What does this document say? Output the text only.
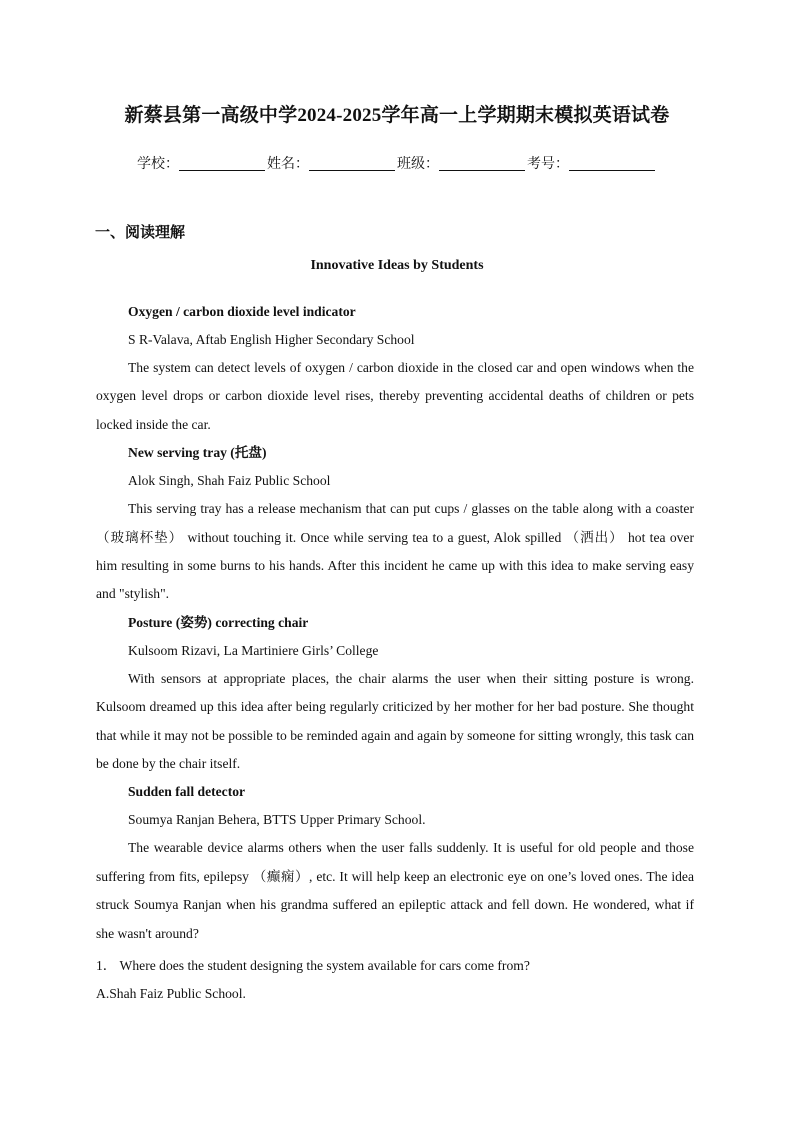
新蔡县第一高级中学2024-2025学年高一上学期期末模拟英语试卷
学校：	姓名：	班级：	考号：
一、阅读理解
Innovative Ideas by Students

Oxygen / carbon dioxide level indicator

S R-Valava, Aftab English Higher Secondary School

The system can detect levels of oxygen / carbon dioxide in the closed car and open windows when the oxygen level drops or carbon dioxide level rises, thereby preventing accidental deaths of children or pets locked inside the car.

New serving tray (托盘)

Alok Singh, Shah Faiz Public School

This serving tray has a release mechanism that can put cups / glasses on the table along with a coaster （玻璃杯垫） without touching it. Once while serving tea to a guest, Alok spilled （洒出） hot tea over him resulting in some burns to his hands. After this incident he came up with this idea to make serving easy and "stylish".

Posture (姿势) correcting chair

Kulsoom Rizavi, La Martiniere Girls’ College

With sensors at appropriate places, the chair alarms the user when their sitting posture is wrong. Kulsoom dreamed up this idea after being regularly criticized by her mother for her bad posture. She thought that while it may not be possible to be reminded again and again by someone for sitting wrongly, this task can be done by the chair itself.

Sudden fall detector

Soumya Ranjan Behera, BTTS Upper Primary School.

The wearable device alarms others when the user falls suddenly. It is useful for old people and those suffering from fits, epilepsy （癫痫）, etc. It will help keep an electronic eye on one’s loved ones. The idea struck Soumya Ranjan when his grandma suffered an epileptic attack and fell down. He wondered, what if she wasn't around?

1． Where does the student designing the system available for cars come from?

A.Shah Faiz Public School.
